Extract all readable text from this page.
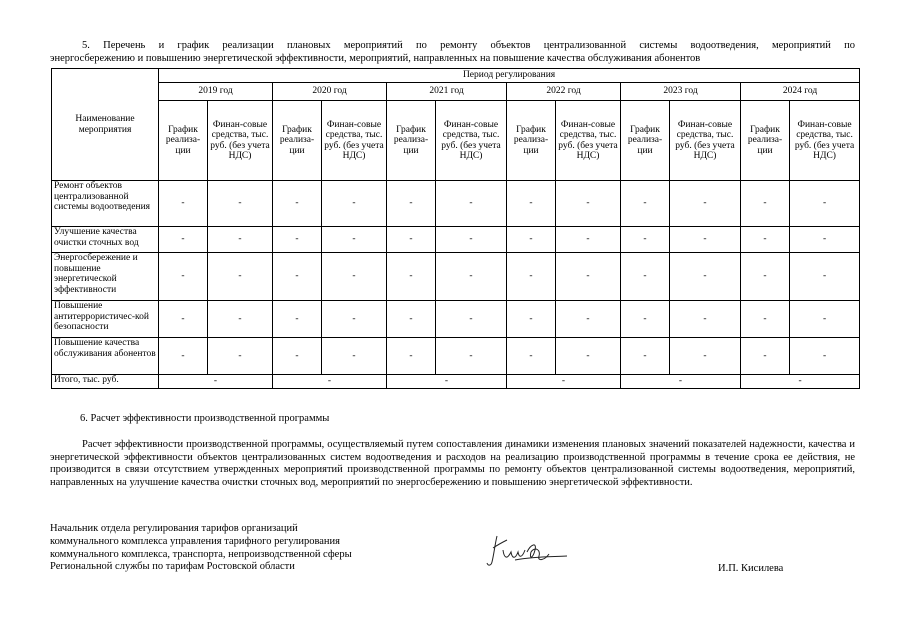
5. Перечень и график реализации плановых мероприятий по ремонту объектов централизованной системы водоотведения, мероприятий по
энергосбережению и повышению энергетической эффективности, мероприятий, направленных на повышение качества обслуживания абонентов

Наименование мероприятия	Период регулирования											
	2019 год		2020 год		2021 год		2022 год		2023 год		2024 год	
	График реализа-ции	Финан-совые средства, тыс. руб. (без учета НДС)	График реализа-ции	Финан-совые средства, тыс. руб. (без учета НДС)	График реализа-ции	Финан-совые средства, тыс. руб. (без учета НДС)	График реализа-ции	Финан-совые средства, тыс. руб. (без учета НДС)	График реализа-ции	Финан-совые средства, тыс. руб. (без учета НДС)	График реализа-ции	Финан-совые средства, тыс. руб. (без учета НДС)
Ремонт объектов централизованной системы водоотведения	-	-	-	-	-	-	-	-	-	-	-	-
Улучшение качества очистки сточных вод	-	-	-	-	-	-	-	-	-	-	-	-
Энергосбережение и повышение энергетической эффективности	-	-	-	-	-	-	-	-	-	-	-	-
Повышение антитеррористичес-кой безопасности	-	-	-	-	-	-	-	-	-	-	-	-
Повышение качества обслуживания абонентов	-	-	-	-	-	-	-	-	-	-	-	-
Итого, тыс. руб.	-		-		-		-		-		-	

6. Расчет эффективности производственной программы

Расчет эффективности производственной программы, осуществляемый путем сопоставления динамики изменения плановых значений показателей надежности, качества и энергетической эффективности объектов централизованных систем водоотведения и расходов на реализацию производственной программы в течение срока ее действия, не производится в связи отсутствием утвержденных мероприятий производственной программы по ремонту объектов централизованной системы водоотведения, мероприятий, направленных на улучшение качества очистки сточных вод, мероприятий по энергосбережению и повышению энергетической эффективности.

Начальник отдела регулирования тарифов организаций
коммунального комплекса управления тарифного регулирования
коммунального комплекса, транспорта, непроизводственной сферы
Региональной службы по тарифам Ростовской области	И.П. Кисилева
